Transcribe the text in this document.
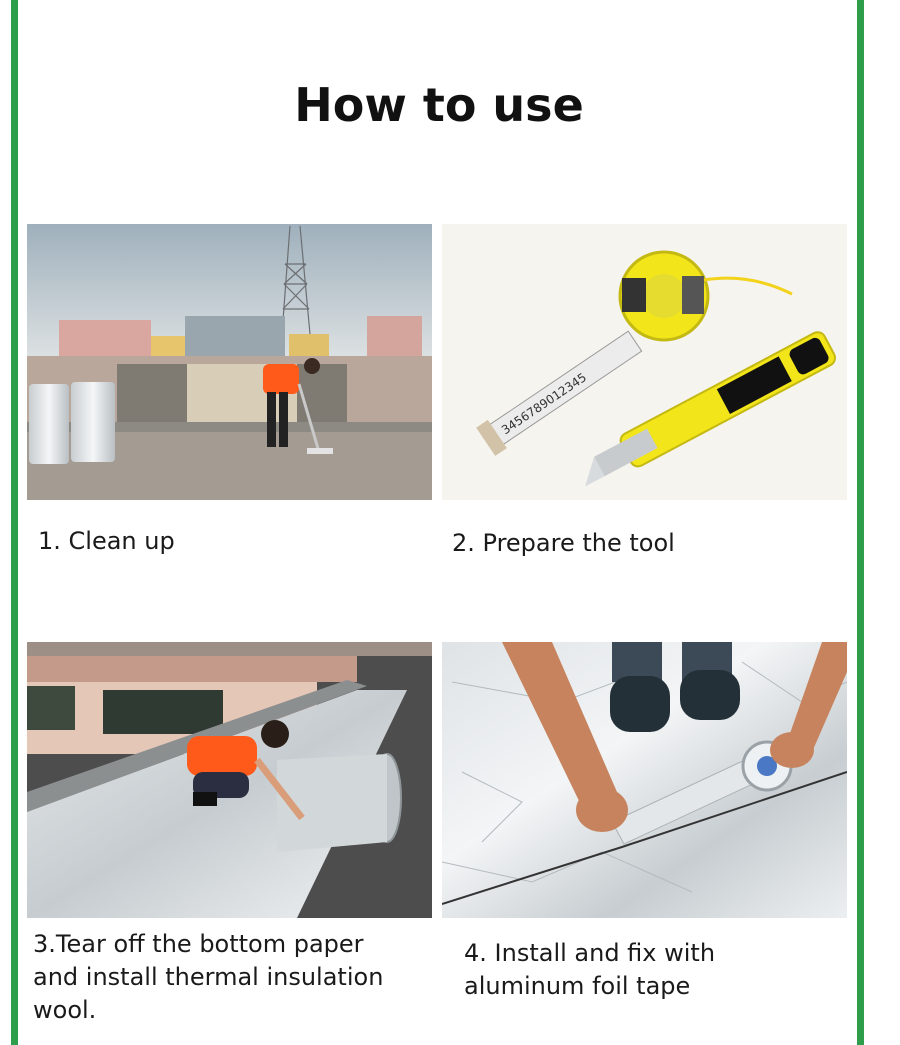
How to use
3456789012345
1. Clean up	2. Prepare the tool
3.Tear off the bottom paper
and install thermal insulation
wool.
4. Install and fix with
aluminum foil tape
